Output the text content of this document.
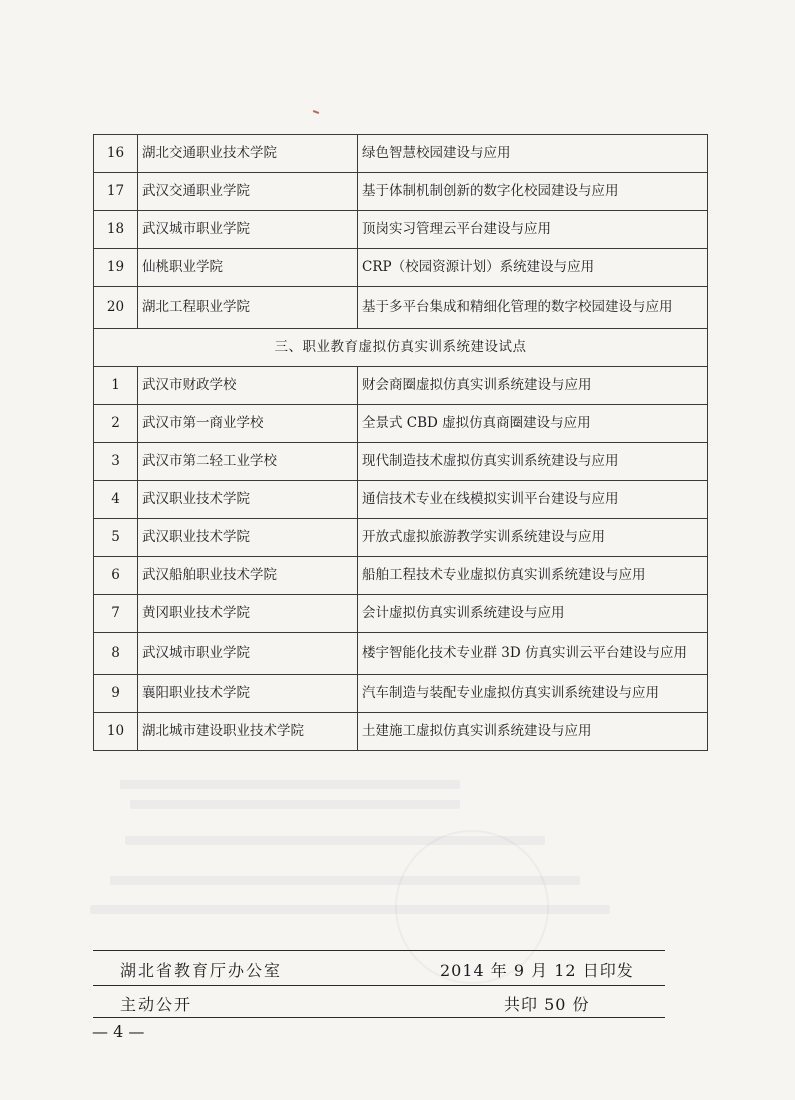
16	湖北交通职业技术学院	绿色智慧校园建设与应用
17	武汉交通职业学院	基于体制机制创新的数字化校园建设与应用
18	武汉城市职业学院	顶岗实习管理云平台建设与应用
19	仙桃职业学院	CRP（校园资源计划）系统建设与应用
20	湖北工程职业学院	基于多平台集成和精细化管理的数字校园建设与应用
三、职业教育虚拟仿真实训系统建设试点		
1	武汉市财政学校	财会商圈虚拟仿真实训系统建设与应用
2	武汉市第一商业学校	全景式 CBD 虚拟仿真商圈建设与应用
3	武汉市第二轻工业学校	现代制造技术虚拟仿真实训系统建设与应用
4	武汉职业技术学院	通信技术专业在线模拟实训平台建设与应用
5	武汉职业技术学院	开放式虚拟旅游教学实训系统建设与应用
6	武汉船舶职业技术学院	船舶工程技术专业虚拟仿真实训系统建设与应用
7	黄冈职业技术学院	会计虚拟仿真实训系统建设与应用
8	武汉城市职业学院	楼宇智能化技术专业群 3D 仿真实训云平台建设与应用
9	襄阳职业技术学院	汽车制造与装配专业虚拟仿真实训系统建设与应用
10	湖北城市建设职业技术学院	土建施工虚拟仿真实训系统建设与应用
湖北省教育厅办公室	2014 年 9 月 12 日印发
主动公开	共印 50 份
— 4 —
